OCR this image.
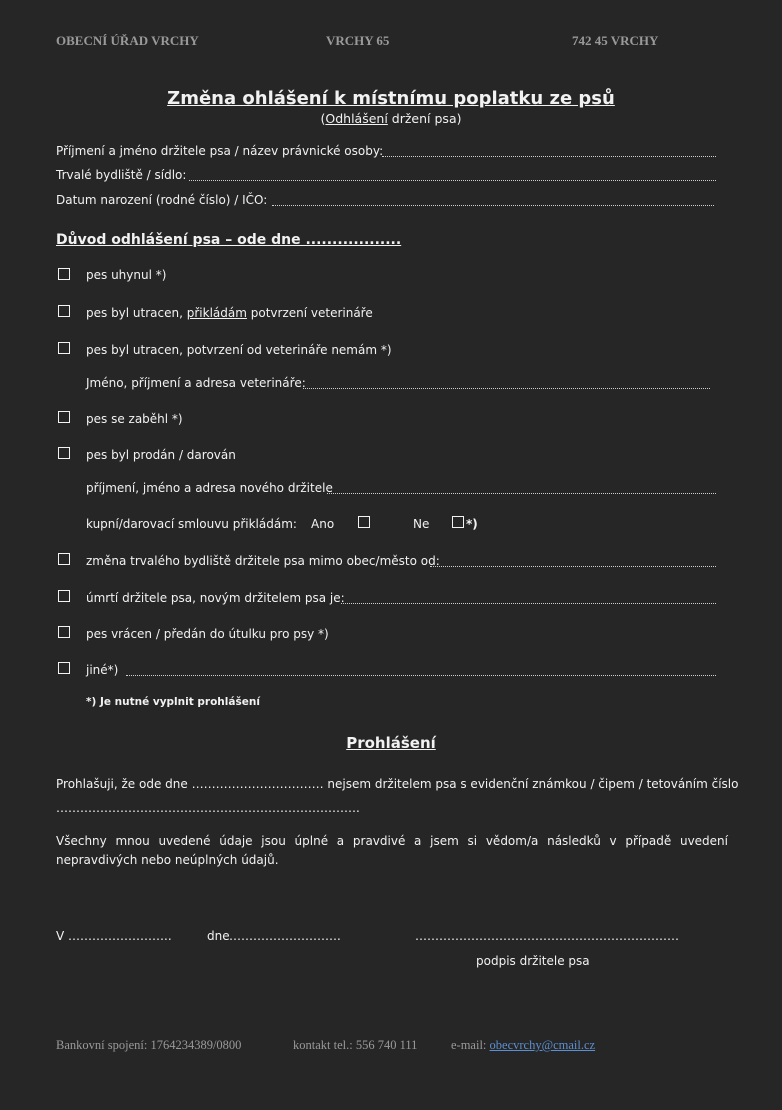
OBECNÍ ÚŘAD VRCHY	VRCHY 65	742 45 VRCHY
Změna ohlášení k místnímu poplatku ze psů
(Odhlášení držení psa)
Příjmení a jméno držitele psa / název právnické osoby:
Trvalé bydliště / sídlo:
Datum narození (rodné číslo) / IČO:
Důvod odhlášení psa – ode dne ..................
pes uhynul *)
pes byl utracen, přikládám potvrzení veterináře
pes byl utracen, potvrzení od veterináře nemám *)
Jméno, příjmení a adresa veterináře:
pes se zaběhl *)
pes byl prodán / darován
příjmení, jméno a adresa nového držitele
kupní/darovací smlouvu přikládám: Ano	Ne	*)
změna trvalého bydliště držitele psa mimo obec/město od:
úmrtí držitele psa, novým držitelem psa je:
pes vrácen / předán do útulku pro psy *)
jiné*)
*) Je nutné vyplnit prohlášení
Prohlášení
Prohlašuji, že ode dne …………………………… nejsem držitelem psa s evidenční známkou / čipem / tetováním číslo
………………………………………………………………….
Všechny mnou uvedené údaje jsou úplné a pravdivé a jsem si vědom/a následků v případě uvedení nepravdivých nebo neúplných údajů.
V ……………………..	dne ……………………….	…………………………………………………………
podpis držitele psa
Bankovní spojení: 1764234389/0800	kontakt tel.: 556 740 111	e-mail: obecvrchy@cmail.cz
